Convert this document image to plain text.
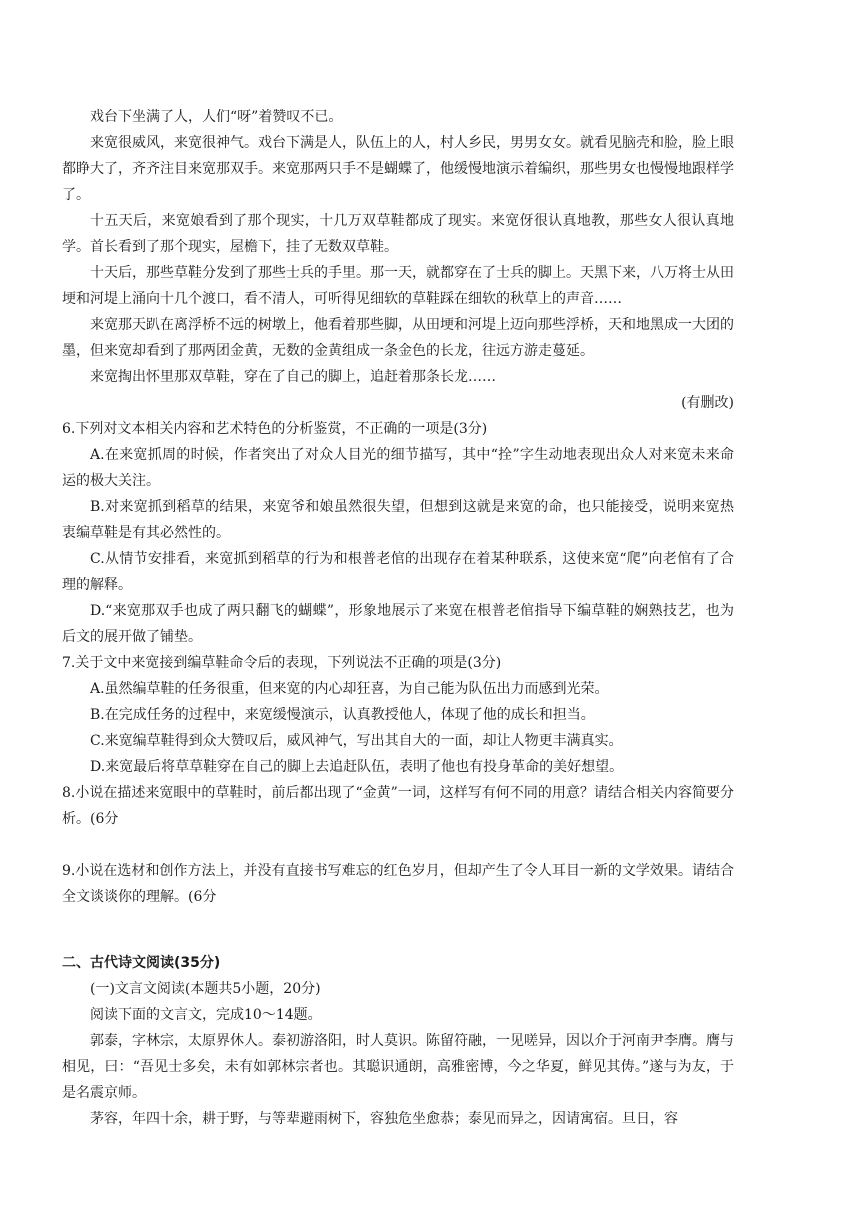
戏台下坐满了人，人们“呀”着赞叹不已。

来宽很威风，来宽很神气。戏台下满是人，队伍上的人，村人乡民，男男女女。就看见脑壳和脸，脸上眼都睁大了，齐齐注目来宽那双手。来宽那两只手不是蝴蝶了，他缓慢地演示着编织，那些男女也慢慢地跟样学了。

十五天后，来宽娘看到了那个现实，十几万双草鞋都成了现实。来宽伢很认真地教，那些女人很认真地学。首长看到了那个现实，屋檐下，挂了无数双草鞋。

十天后，那些草鞋分发到了那些士兵的手里。那一天，就都穿在了士兵的脚上。天黑下来，八万将士从田埂和河堤上涌向十几个渡口，看不清人，可听得见细软的草鞋踩在细软的秋草上的声音……

来宽那天趴在离浮桥不远的树墩上，他看着那些脚，从田埂和河堤上迈向那些浮桥，天和地黑成一大团的墨，但来宽却看到了那两团金黄，无数的金黄组成一条金色的长龙，往远方游走蔓延。

来宽掏出怀里那双草鞋，穿在了自己的脚上，追赶着那条长龙……

(有删改)

6.下列对文本相关内容和艺术特色的分析鉴赏，不正确的一项是(3分)

A.在来宽抓周的时候，作者突出了对众人目光的细节描写，其中“拴”字生动地表现出众人对来宽未来命运的极大关注。

B.对来宽抓到稻草的结果，来宽爷和娘虽然很失望，但想到这就是来宽的命，也只能接受，说明来宽热衷编草鞋是有其必然性的。

C.从情节安排看，来宽抓到稻草的行为和根普老倌的出现存在着某种联系，这使来宽“爬”向老倌有了合理的解释。

D.“来宽那双手也成了两只翻飞的蝴蝶”，形象地展示了来宽在根普老倌指导下编草鞋的娴熟技艺，也为后文的展开做了铺垫。

7.关于文中来宽接到编草鞋命令后的表现，下列说法不正确的项是(3分)

A.虽然编草鞋的任务很重，但来宽的内心却狂喜，为自己能为队伍出力而感到光荣。

B.在完成任务的过程中，来宽缓慢演示，认真教授他人，体现了他的成长和担当。

C.来宽编草鞋得到众大赞叹后，威风神气，写出其自大的一面，却让人物更丰满真实。

D.来宽最后将草草鞋穿在自己的脚上去追赶队伍，表明了他也有投身革命的美好想望。

8.小说在描述来宽眼中的草鞋时，前后都出现了“金黄”一词，这样写有何不同的用意？请结合相关内容简要分析。(6分

9.小说在选材和创作方法上，并没有直接书写难忘的红色岁月，但却产生了令人耳目一新的文学效果。请结合全文谈谈你的理解。(6分

二、古代诗文阅读(35分)

(一)文言文阅读(本题共5小题，20分)

阅读下面的文言文，完成10～14题。

郭泰，字林宗，太原界休人。泰初游洛阳，时人莫识。陈留符融，一见嗟异，因以介于河南尹李膺。膺与相见，曰：“吾见士多矣，未有如郭林宗者也。其聪识通朗，高雅密博，今之华夏，鲜见其俦。”遂与为友，于是名震京师。

茅容，年四十余，耕于野，与等辈避雨树下，容独危坐愈恭；泰见而异之，因请寓宿。旦日，容
